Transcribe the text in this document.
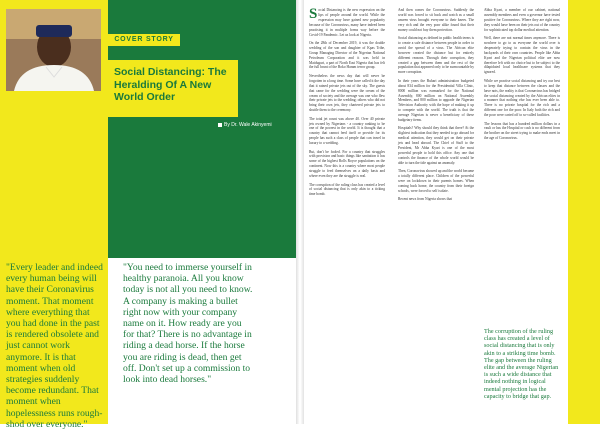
COVER STORY
Social Distancing: The Heralding Of A New World Order
By Dr. Wale Akinyemi
"Every leader and indeed every human being will have their Coronavirus moment. That moment where everything that you had done in the past is rendered obsolete and just cannot work anymore. It is that moment when old strategies suddenly become redundant. That moment when hopelessness runs rough-shod over everyone."
"You need to immerse yourself in healthy paranoia. All you know today is not all you need to know. A company is making a bullet right now with your company name on it. How ready are you for that? There is no advantage in riding a dead horse. If the horse you are riding is dead, then get off. Don't set up a commission to look into dead horses."

Social Distancing is the new expression on the lips of people around the world. While the expression may have gained new popularity because of the Coronavirus, many have indeed been practising it in multiple forms way before the Covid-19 Pandemic. Let us look at Nigeria.

On the 28th of December 2019, it was the double wedding of the son and daughter of Kpas Tribe, Group Managing Director of the Nigerian National Petroleum Corporation and it was held in Maiduguri, a part of North East Nigeria that has felt the full brunt of the Boko Haram terror group.

Nevertheless the news day that will never be forgotten in a long time. Some have called it the day that it rained private jets out of the sky. The guests that came for the wedding were the cream of the cream of society and the average was one who flew their private jets to the wedding; others who did not bring their own jets, they chartered private jets to shuttle them to the ceremony.

The total jet count was above 40. Over 40 private jets owned by Nigerians - a country ranking to be one of the poorest in the world. It is thought that a country that cannot feed itself or provide for its people has such a class of people that can travel in luxury to a wedding.

But, don't be fooled. For a country that struggles with provision and basic things like sanitation it has some of the highest Rolls Royce populations on the continent. Now this is a country where most people struggle to feed themselves on a daily basis and where even they are the struggle is real.

The corruption of the ruling class has created a level of social distancing that is only akin to a ticking time bomb.

And then comes the Coronavirus. Suddenly the world was forced to sit back and watch as a small unseen virus brought everyone to their knees. The very rich and the very poor alike found that their money could not buy them protection.

Social distancing as defined in public health terms is to create a safe distance between people in order to avoid the spread of a virus. The African elite however created the distance but for entirely different reasons. Through their corruption, they created a gap between them and the rest of the population that appeared only to be surmountable by more corruption.

In their years the Buhari administration budgeted about 834 million for the Presidential Villa Clinic, 8000 million was earmarked for the National Assembly, 800 million on National Assembly Members, and 800 million to upgrade the Nigerian Television Authority with the hope of making it up to compete with the world. The truth is that the average Nigerian is never a beneficiary of these budgetary items.

Hospitals? Why should they think that there? At the slightest indication that they needed to go abroad for medical attention, they would get on their private jets and head abroad. The Chief of Staff to the President, Mr Abba Kyari is one of the most powerful people to hold this office. Any one that controls the finance of the whole world would be able to turn the tide against an anomaly.

Then, Coronavirus showed up and the world became a totally different place. Children of the powerful were on lockdown in their parents homes. When coming back home, the country from their foreign schools, were forced to self isolate.

Recent news from Nigeria shows that

Abba Kyari, a member of our cabinet, national assembly members and even a governor have tested positive for Coronavirus. Where they are right now, they would have been on their jets out of the country for sophisticated top dollar medical attention.

Well, there are not normal times anymore. There is nowhere to go to as everyone the world over is desperately trying to contain the virus in the backyards of their own countries. People like Abba Kyari and the Nigerian political elite are now therefore left with no choice but to be subject to the dilapidated local healthcare systems that they ignored.

While we practise social distancing and try our best to keep that distance between the classes and the have nots, the reality is that Coronavirus has bridged the social distancing created by the African elites in a manner that nothing else has ever been able to. There is no private hospital for the rich and a different one for the poor. In Italy both the rich and the poor were carted off to so-called facilities.

The lessons that has a hundred million dollars in a vault or has the Hospital or cash is no different from the brother on the street trying to make ends meet in the age of Coronavirus.

The corruption of the ruling class has created a level of social distancing that is only akin to a striking time bomb. The gap between the ruling elite and the average Nigerian is such a wide distance that indeed nothing in logical mental projection has the capacity to bridge that gap.
